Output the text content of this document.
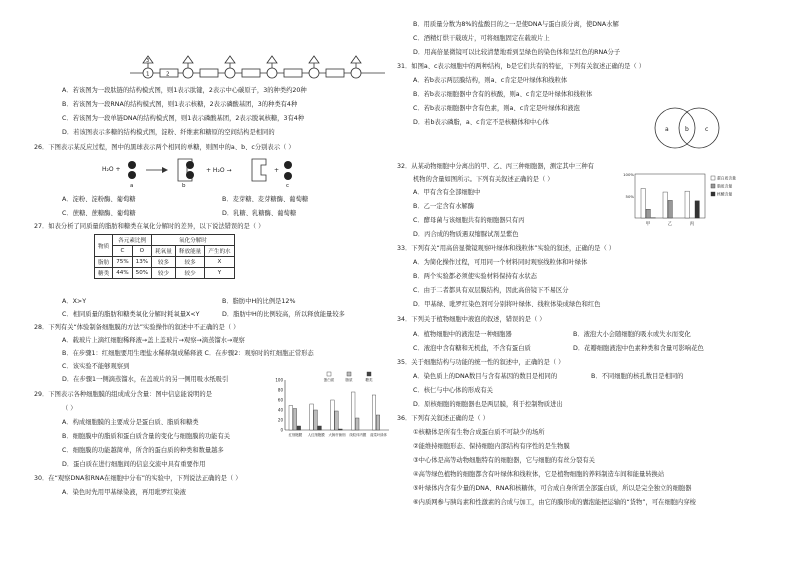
1	2
3
A．若该图为一段肽链的结构模式图，则1表示肽键，2表示中心碳原子，3的种类约20种
B．若该图为一段RNA的结构模式图，则1表示核糖，2表示磷酸基团，3的种类有4种
C．若该图为一段单链DNA的结构模式图，则1表示磷酸基团，2表示脱氧核糖，3有4种
D．若该图表示多糖的结构模式图，淀粉、纤维素和糖原的空间结构是相同的
26．下图表示某反应过程，图中的黑球表示两个相同的单糖，则图中的a、b、c分别表示（ ）
H₂O +
a	b
+ H₂O →	+
c
A．淀粉、淀粉酶、葡萄糖	B．麦芽糖、麦芽糖酶、葡萄糖
C．蔗糖、蔗糖酶、葡萄糖	D．乳糖、乳糖酶、葡萄糖
27．如表分析了同质量的脂肪和糖类在氧化分解时的差异，以下说法错误的是（ ）
物质	各元素比例		氧化分解时		
	C	O	耗氧量	释放能量	产生的水
脂肪	75%	13%	较多	较多	X
糖类	44%	50%	较少	较少	Y
A．X>Y	B．脂肪中H的比例是12%
C．相同质量的脂肪和糖类氧化分解时耗氧量X<Y	D．脂肪中H的比例较高，所以释放能量较多
28．下列有关“体验制备细胞膜的方法”实验操作的叙述中不正确的是（ ）
A．载玻片上滴红细胞稀释液→盖上盖玻片→观察→滴蒸馏水→观察
B．在步骤1：红细胞要用生理盐水稀释制成稀释液 C．在步骤2：观察时的红细胞正常形态
C．该实验不能够观察到
D．在步骤1一侧滴蒸馏水，在盖玻片的另一侧用吸水纸吸引
29．下图表示各种细胞膜的组成成分含量：图中信息能说明的是
（ ）
A．构成细胞膜的主要成分是蛋白质、脂质和糖类
B．细胞膜中的脂质和蛋白质含量的变化与细胞膜的功能有关
C．细胞膜的功能越简单，所含的蛋白质的种类和数量越多
D．蛋白质在进行细胞间的信息交流中具有重要作用
30．在“观察DNA和RNA在细胞中分布”的实验中，下列说法正确的是（ ）
A．染色时先用甲基绿染液，再用吡罗红染液
100
80
60
40
20
0
红细胞膜 人红细胞膜 大肠杆菌细 线粒体内膜 菠菜叶绿体
蛋白质	脂质	糖类
B．用质量分数为8%的盐酸目的之一是使DNA与蛋白质分离，使DNA水解
C．酒精灯烘干载玻片，可将细胞固定在载玻片上
D．用高倍显微镜可以比较清楚地看到呈绿色的染色体和呈红色的RNA分子
31．如图a、c表示细胞中的两种结构，b是它们共有的特征，下列有关叙述正确的是（ ）
A．若b表示两层膜结构，则a、c肯定是叶绿体和线粒体
B．若b表示细胞器中含有的核酸，则a、c肯定是叶绿体和线粒体
C．若b表示细胞器中含有色素，则a、c肯定是叶绿体和液泡
D．若b表示磷脂，a、c肯定不是核糖体和中心体
a	b	c
32．从某动物细胞中分离出的甲、乙、丙三种细胞器，测定其中三种有
机物的含量如图所示。下列有关叙述正确的是（ ）
A．甲有含有全部细胞中
B．乙一定含有水解酶
C．酵母菌与该细胞共有的细胞器只有丙
D．丙合成的物质遇双缩脲试剂呈紫色
100%
50%
甲	乙	丙
蛋白质含量
脂质含量
核酸含量
33．下列有关“用高倍显微镜观察叶绿体和线粒体”实验的叙述，正确的是（ ）
A．为简化操作过程，可用同一个材料同时观察线粒体和叶绿体
B．两个实验都必须使实验材料保持有水状态
C．由于二者都具有双层膜结构，因此高倍镜下不易区分
D．甲基绿、吡罗红染色剂可分别将叶绿体、线粒体染成绿色和红色
34．下列关于植物细胞中液泡的叙述，错误的是（ ）
A．植物细胞中的液泡是一种细胞器	B．液泡大小会随细胞的吸水或失水而变化
C．液泡中含有糖和无机盐，不含有蛋白质	D．花瓣细胞液泡中色素种类和含量可影响花色
35．关于细胞结构与功能的统一性的叙述中，正确的是（ ）
A．染色质上的DNA数目与含有基因的数目是相同的	B．不同细胞的核孔数目是相同的
C．核仁与中心体的形成有关
D．原核细胞的细胞器也是两层膜，利于控制物质进出
36．下列有关叙述正确的是（ ）
①核糖体是所有生物合成蛋白质不可缺少的场所
②能维持细胞形态、保持细胞内部结构有序性的是生物膜
③中心体是高等动物细胞特有的细胞器，它与细胞的有丝分裂有关
④高等绿色植物的细胞都含有叶绿体和线粒体，它是植物细胞的养料制造车间和能量转换站
⑤叶绿体内含有少量的DNA、RNA和核糖体，可合成自身所需全部蛋白质，所以是完全独立的细胞器
⑥内质网参与胰岛素和性激素的合成与加工，由它的膜形成的囊泡能把运输的“货物”，可在细胞内穿梭
